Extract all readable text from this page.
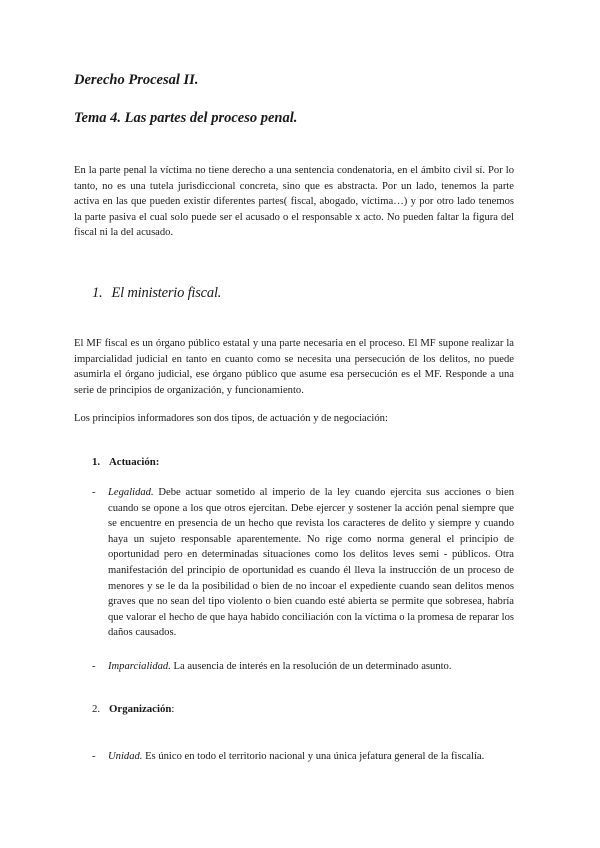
Derecho Procesal II.
Tema 4. Las partes del proceso penal.
En la parte penal la víctima no tiene derecho a una sentencia condenatoria, en el ámbito civil sí. Por lo tanto, no es una tutela jurisdiccional concreta, sino que es abstracta. Por un lado, tenemos la parte activa en las que pueden existir diferentes partes( fiscal, abogado, víctima…) y por otro lado tenemos la parte pasiva el cual solo puede ser el acusado o el responsable x acto. No pueden faltar la figura del fiscal ni la del acusado.
1. El ministerio fiscal.
El MF fiscal es un órgano público estatal y una parte necesaria en el proceso. El MF supone realizar la imparcialidad judicial en tanto en cuanto como se necesita una persecución de los delitos, no puede asumirla el órgano judicial, ese órgano público que asume esa persecución es el MF. Responde a una serie de principios de organización, y funcionamiento.
Los principios informadores son dos tipos, de actuación y de negociación:
1. Actuación:
- Legalidad. Debe actuar sometido al imperio de la ley cuando ejercita sus acciones o bien cuando se opone a los que otros ejercitan. Debe ejercer y sostener la acción penal siempre que se encuentre en presencia de un hecho que revista los caracteres de delito y siempre y cuando haya un sujeto responsable aparentemente. No rige como norma general el principio de oportunidad pero en determinadas situaciones como los delitos leves semi - públicos. Otra manifestación del principio de oportunidad es cuando él lleva la instrucción de un proceso de menores y se le da la posibilidad o bien de no incoar el expediente cuando sean delitos menos graves que no sean del tipo violento o bien cuando esté abierta se permite que sobresea, habría que valorar el hecho de que haya habido conciliación con la víctima o la promesa de reparar los daños causados.
- Imparcialidad. La ausencia de interés en la resolución de un determinado asunto.
2. Organización:
- Unidad. Es único en todo el territorio nacional y una única jefatura general de la fiscalía.
